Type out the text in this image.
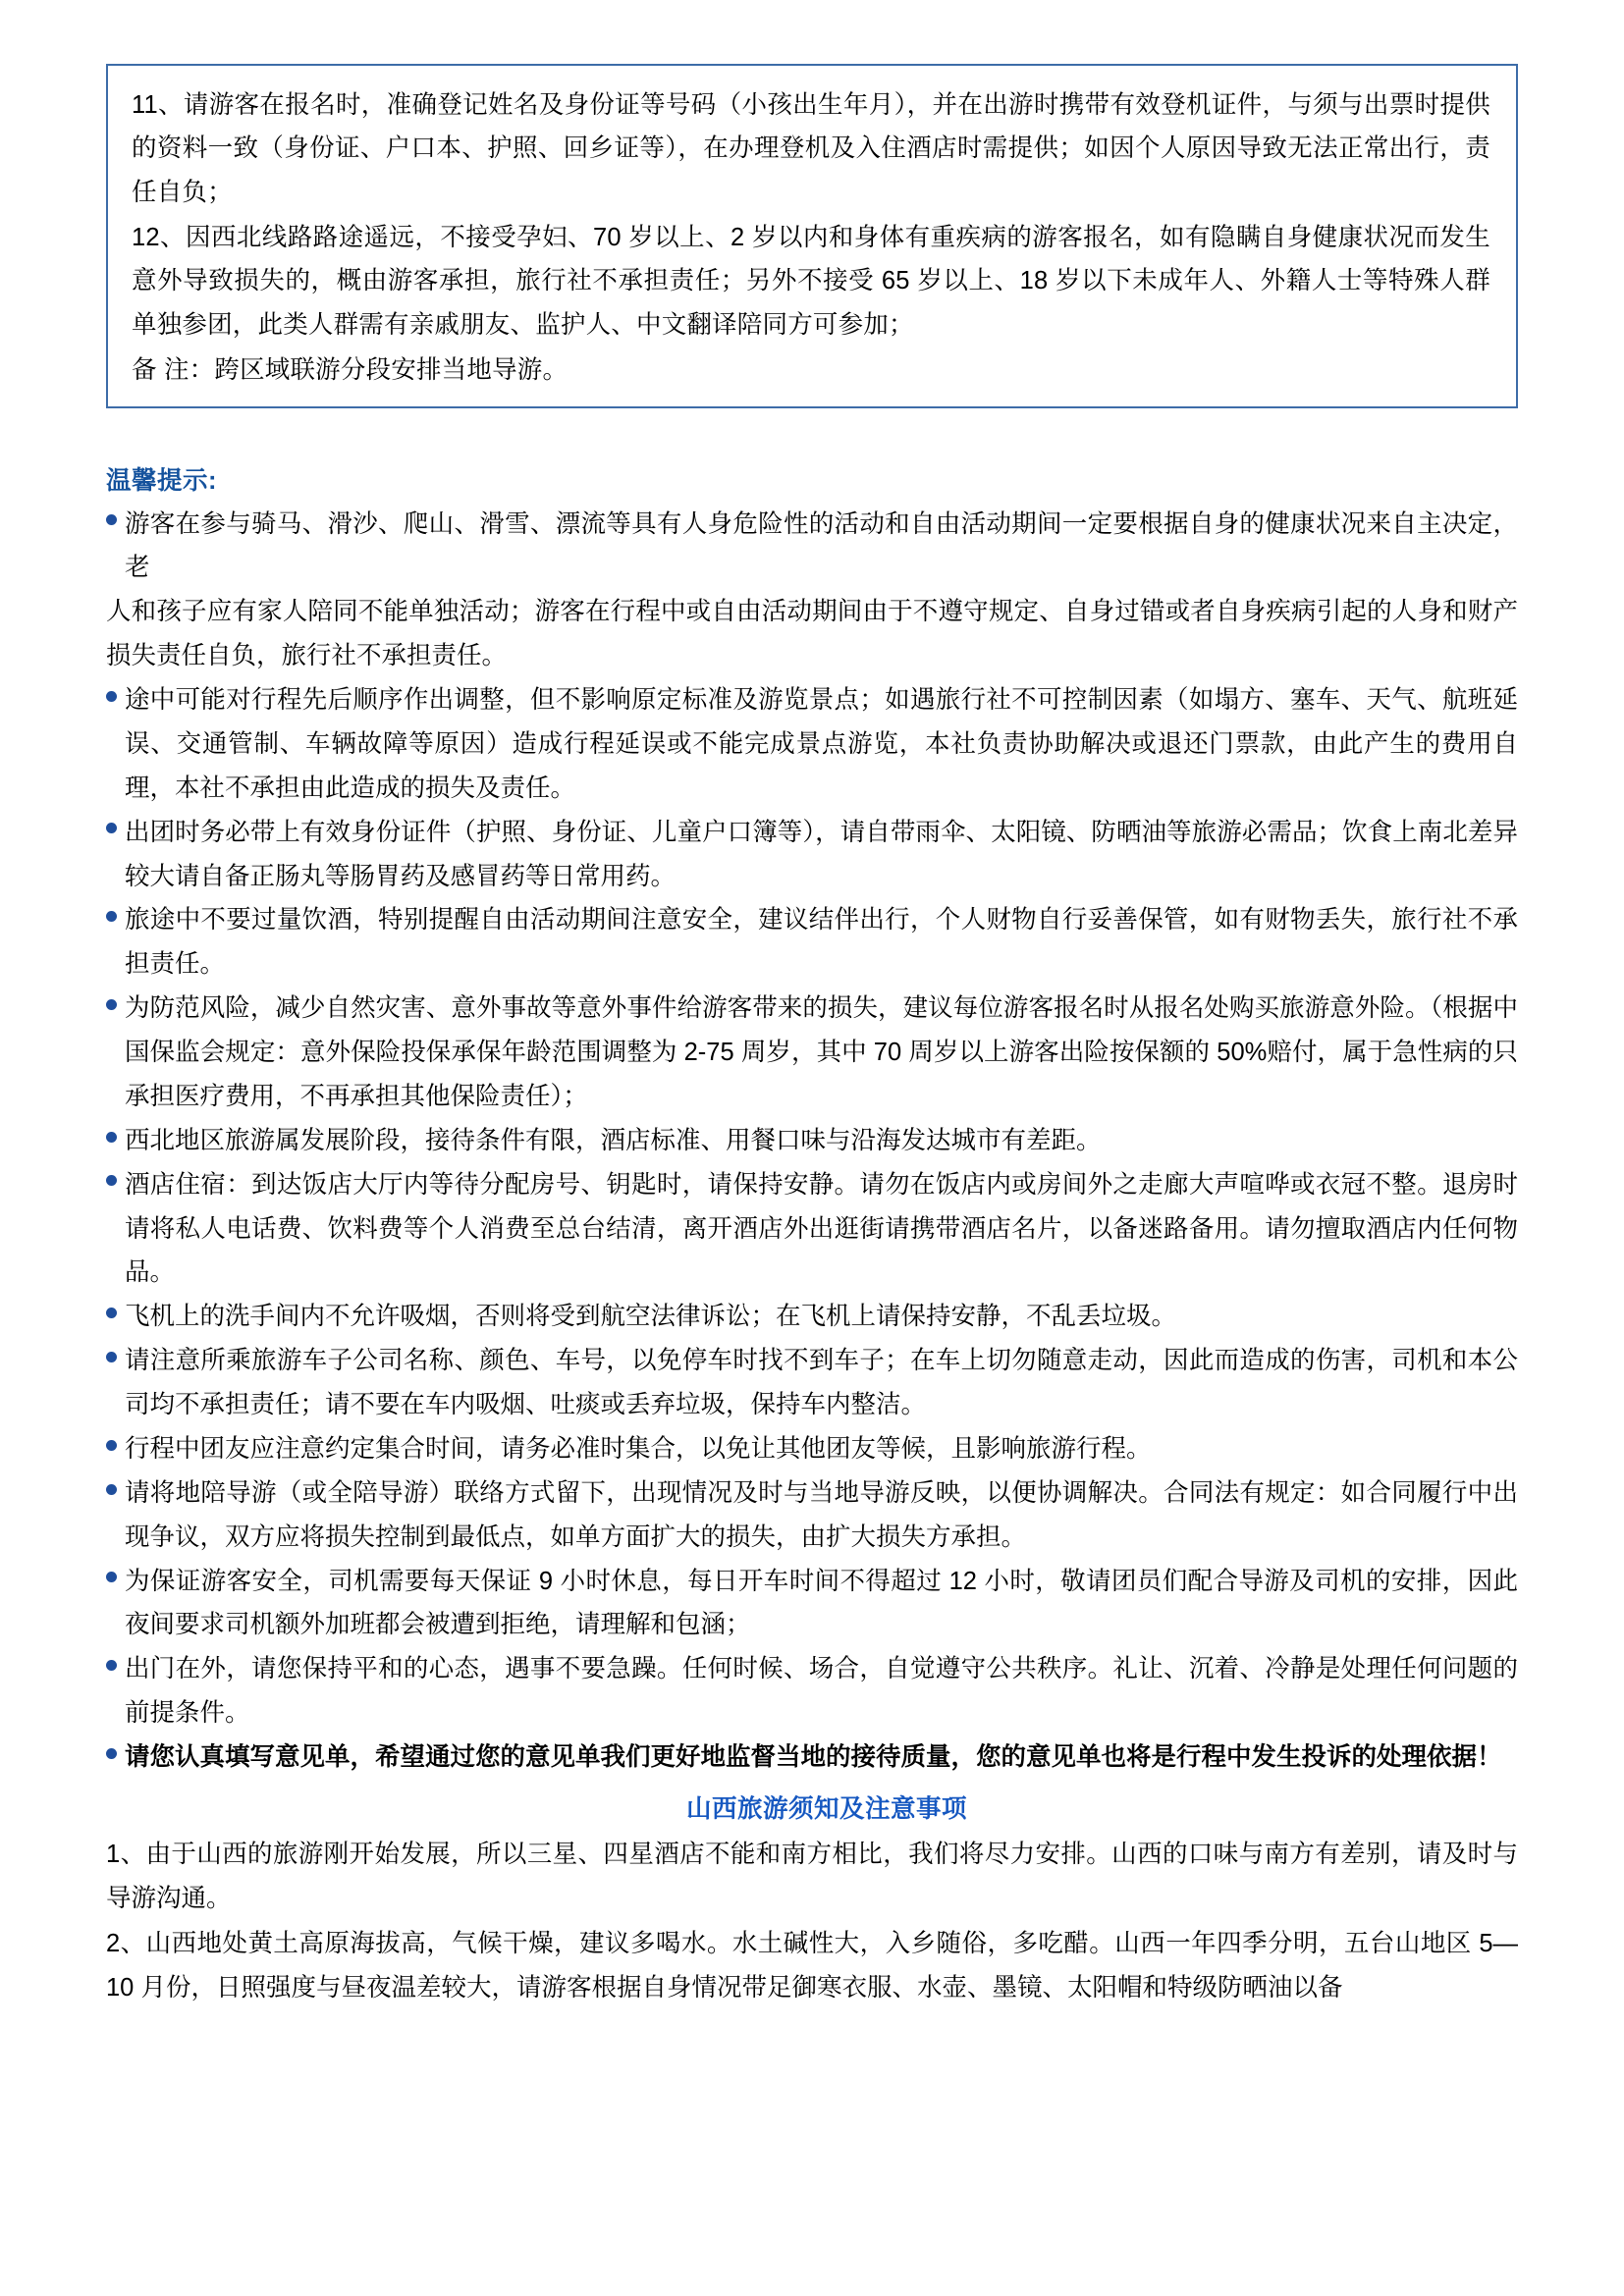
11、请游客在报名时，准确登记姓名及身份证等号码（小孩出生年月），并在出游时携带有效登机证件，与须与出票时提供的资料一致（身份证、户口本、护照、回乡证等），在办理登机及入住酒店时需提供；如因个人原因导致无法正常出行，责任自负；

12、因西北线路路途遥远，不接受孕妇、70 岁以上、2 岁以内和身体有重疾病的游客报名，如有隐瞒自身健康状况而发生意外导致损失的，概由游客承担，旅行社不承担责任；另外不接受 65 岁以上、18 岁以下未成年人、外籍人士等特殊人群单独参团，此类人群需有亲戚朋友、监护人、中文翻译陪同方可参加；

备 注：跨区域联游分段安排当地导游。

温馨提示:

游客在参与骑马、滑沙、爬山、滑雪、漂流等具有人身危险性的活动和自由活动期间一定要根据自身的健康状况来自主决定，老

人和孩子应有家人陪同不能单独活动；游客在行程中或自由活动期间由于不遵守规定、自身过错或者自身疾病引起的人身和财产损失责任自负，旅行社不承担责任。

途中可能对行程先后顺序作出调整，但不影响原定标准及游览景点；如遇旅行社不可控制因素（如塌方、塞车、天气、航班延误、交通管制、车辆故障等原因）造成行程延误或不能完成景点游览，本社负责协助解决或退还门票款，由此产生的费用自理，本社不承担由此造成的损失及责任。

出团时务必带上有效身份证件（护照、身份证、儿童户口簿等），请自带雨伞、太阳镜、防晒油等旅游必需品；饮食上南北差异较大请自备正肠丸等肠胃药及感冒药等日常用药。

旅途中不要过量饮酒，特别提醒自由活动期间注意安全，建议结伴出行，个人财物自行妥善保管，如有财物丢失，旅行社不承担责任。

为防范风险，减少自然灾害、意外事故等意外事件给游客带来的损失，建议每位游客报名时从报名处购买旅游意外险。（根据中国保监会规定：意外保险投保承保年龄范围调整为 2-75 周岁，其中 70 周岁以上游客出险按保额的 50%赔付，属于急性病的只承担医疗费用，不再承担其他保险责任）；

西北地区旅游属发展阶段，接待条件有限，酒店标准、用餐口味与沿海发达城市有差距。

酒店住宿：到达饭店大厅内等待分配房号、钥匙时，请保持安静。请勿在饭店内或房间外之走廊大声喧哗或衣冠不整。退房时请将私人电话费、饮料费等个人消费至总台结清，离开酒店外出逛街请携带酒店名片，以备迷路备用。请勿擅取酒店内任何物品。

飞机上的洗手间内不允许吸烟，否则将受到航空法律诉讼；在飞机上请保持安静，不乱丢垃圾。

请注意所乘旅游车子公司名称、颜色、车号，以免停车时找不到车子；在车上切勿随意走动，因此而造成的伤害，司机和本公司均不承担责任；请不要在车内吸烟、吐痰或丢弃垃圾，保持车内整洁。

行程中团友应注意约定集合时间，请务必准时集合，以免让其他团友等候，且影响旅游行程。

请将地陪导游（或全陪导游）联络方式留下，出现情况及时与当地导游反映，以便协调解决。合同法有规定：如合同履行中出现争议，双方应将损失控制到最低点，如单方面扩大的损失，由扩大损失方承担。

为保证游客安全，司机需要每天保证 9 小时休息，每日开车时间不得超过 12 小时，敬请团员们配合导游及司机的安排，因此夜间要求司机额外加班都会被遭到拒绝，请理解和包涵；

出门在外，请您保持平和的心态，遇事不要急躁。任何时候、场合，自觉遵守公共秩序。礼让、沉着、冷静是处理任何问题的前提条件。

请您认真填写意见单，希望通过您的意见单我们更好地监督当地的接待质量，您的意见单也将是行程中发生投诉的处理依据！

山西旅游须知及注意事项

1、由于山西的旅游刚开始发展，所以三星、四星酒店不能和南方相比，我们将尽力安排。山西的口味与南方有差别，请及时与导游沟通。

2、山西地处黄土高原海拔高，气候干燥，建议多喝水。水土碱性大，入乡随俗，多吃醋。山西一年四季分明，五台山地区 5—10 月份，日照强度与昼夜温差较大，请游客根据自身情况带足御寒衣服、水壶、墨镜、太阳帽和特级防晒油以备
